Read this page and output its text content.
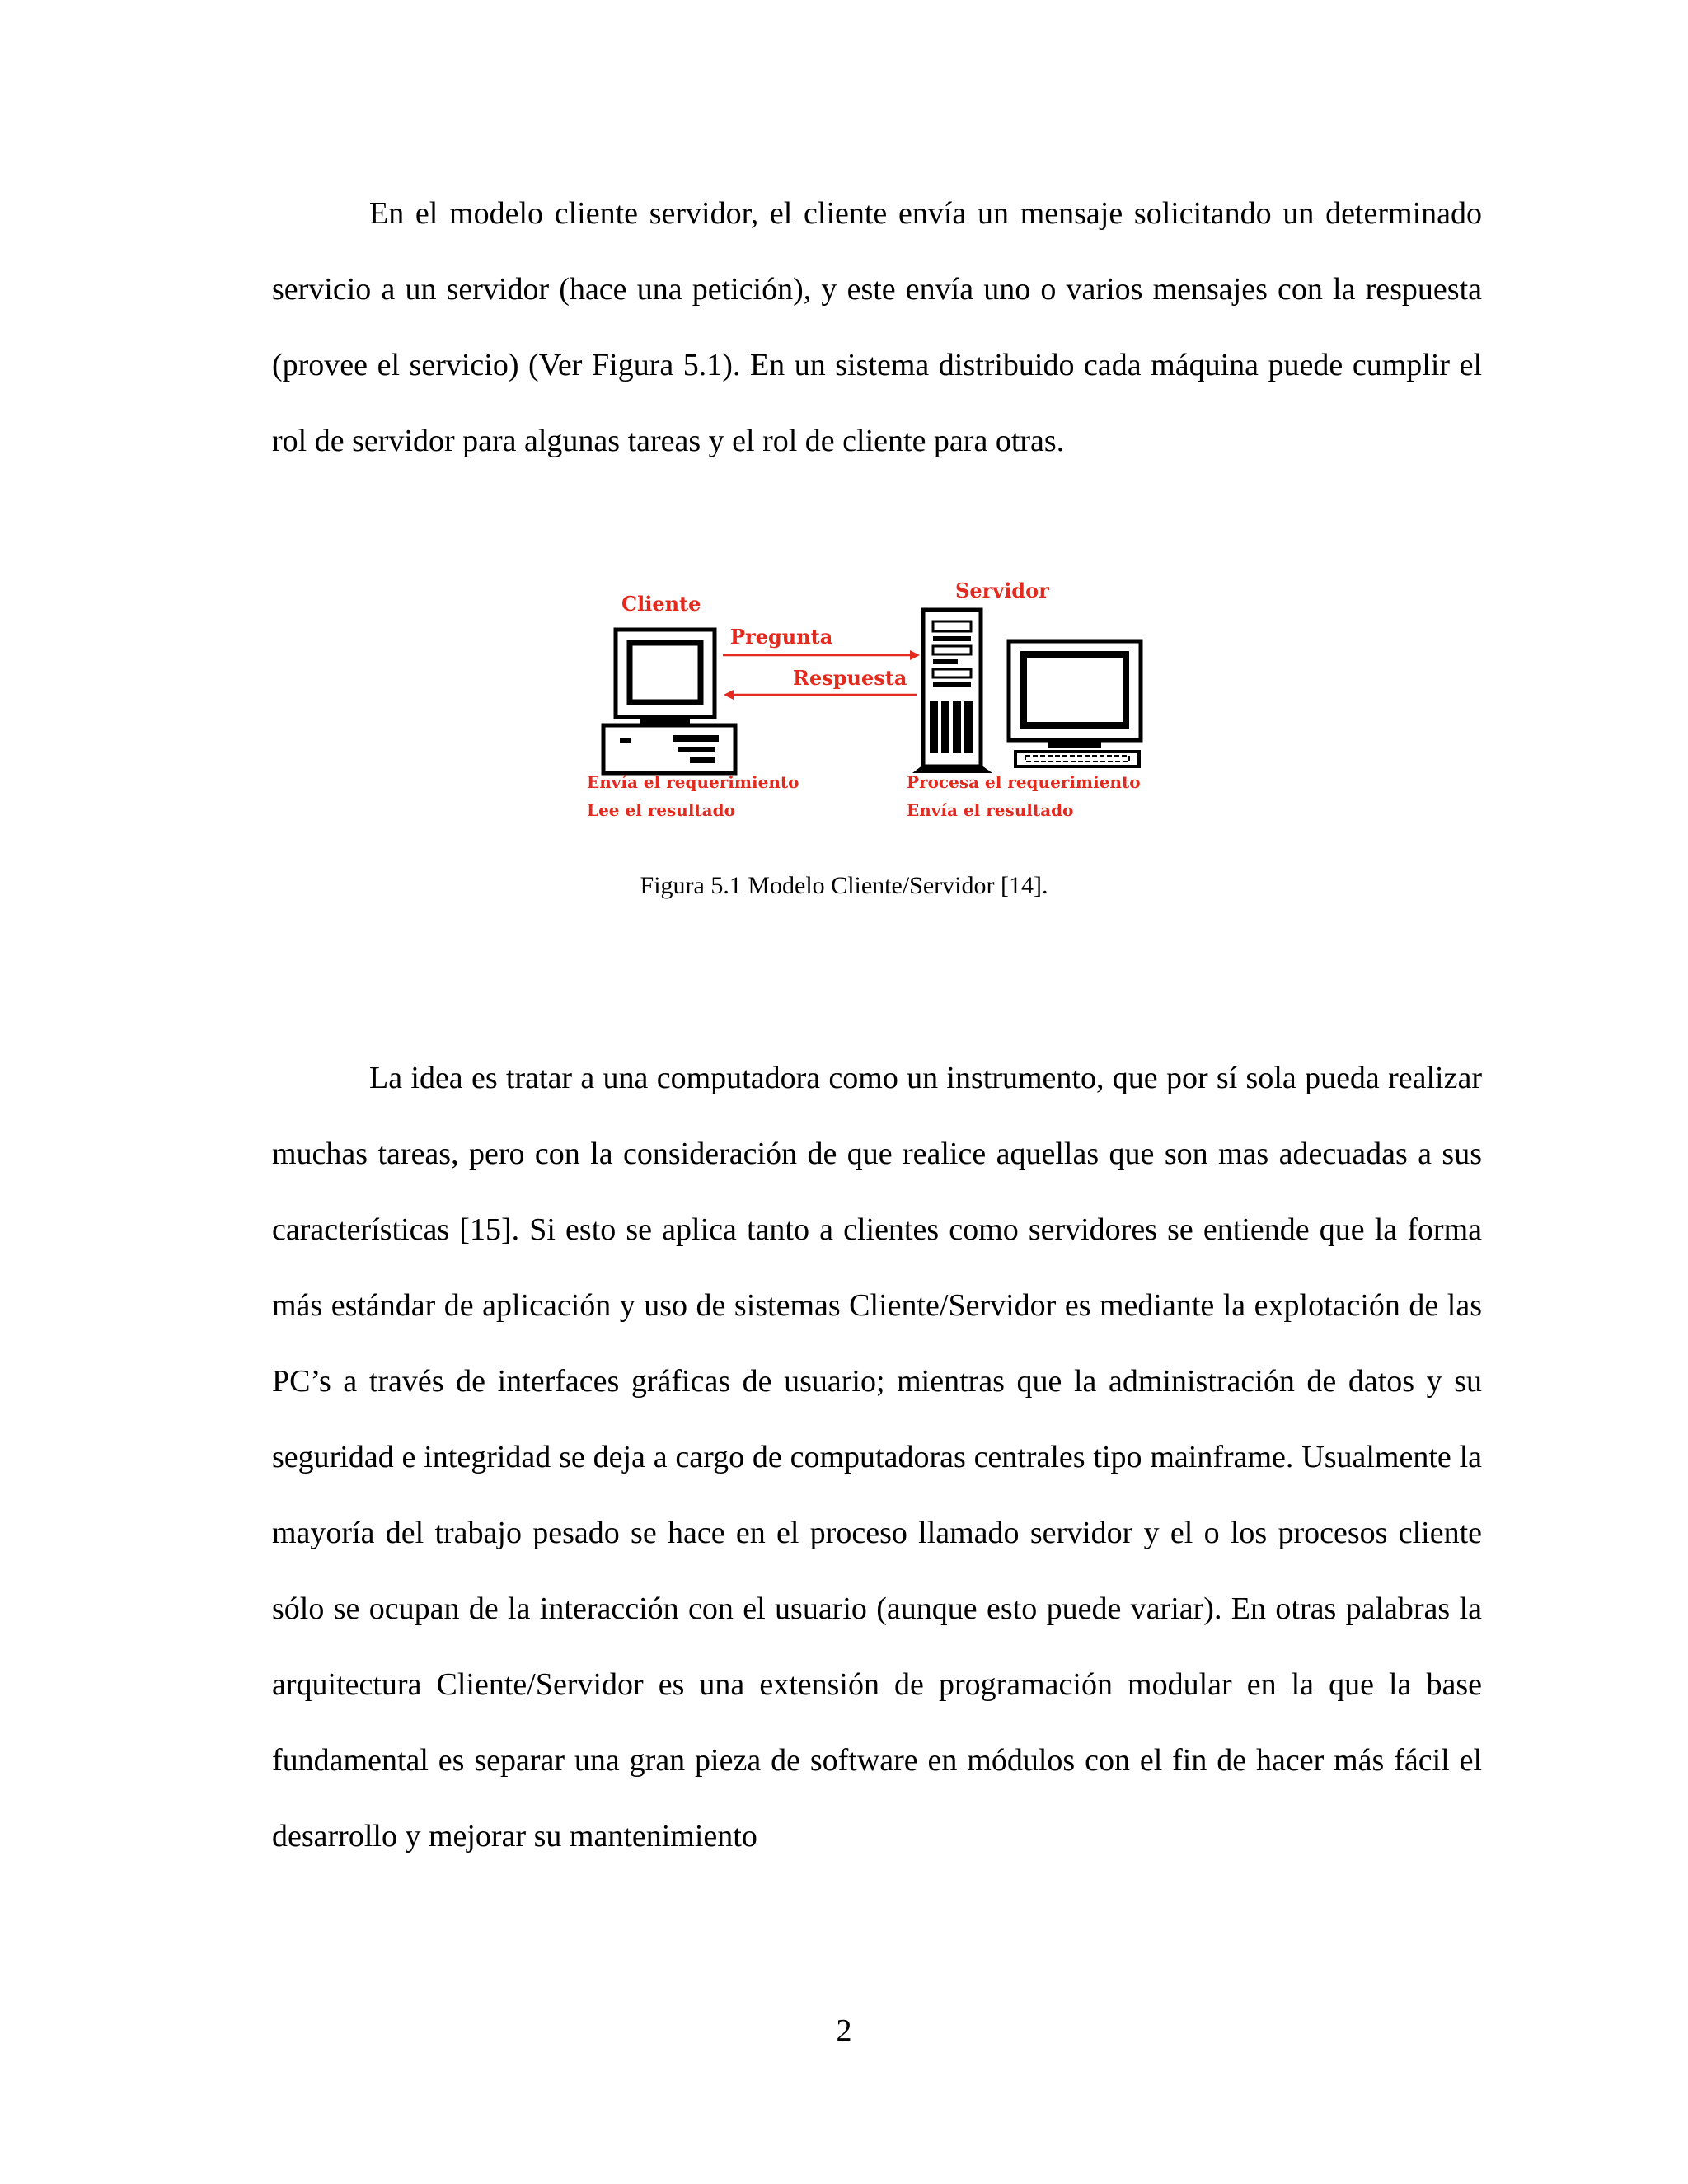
En el modelo cliente servidor, el cliente envía un mensaje solicitando un determinado servicio a un servidor (hace una petición), y este envía uno o varios mensajes con la respuesta (provee el servicio) (Ver Figura 5.1). En un sistema distribuido cada máquina puede cumplir el rol de servidor para algunas tareas y el rol de cliente para otras.

Cliente

Servidor

Pregunta

Respuesta

Envía el requerimiento

Lee el resultado

Procesa el requerimiento

Envía el resultado

Figura 5.1 Modelo Cliente/Servidor [14].

La idea es tratar a una computadora como un instrumento, que por sí sola pueda realizar muchas tareas, pero con la consideración de que realice aquellas que son mas adecuadas a sus características [15]. Si esto se aplica tanto a clientes como servidores se entiende que la forma más estándar de aplicación y uso de sistemas Cliente/Servidor es mediante la explotación de las PC’s a través de interfaces gráficas de usuario; mientras que la administración de datos y su seguridad e integridad se deja a cargo de computadoras centrales tipo mainframe. Usualmente la mayoría del trabajo pesado se hace en el proceso llamado servidor y el o los procesos cliente sólo se ocupan de la interacción con el usuario (aunque esto puede variar). En otras palabras la arquitectura Cliente/Servidor es una extensión de programación modular en la que la base fundamental es separar una gran pieza de software en módulos con el fin de hacer más fácil el desarrollo y mejorar su mantenimiento

2
